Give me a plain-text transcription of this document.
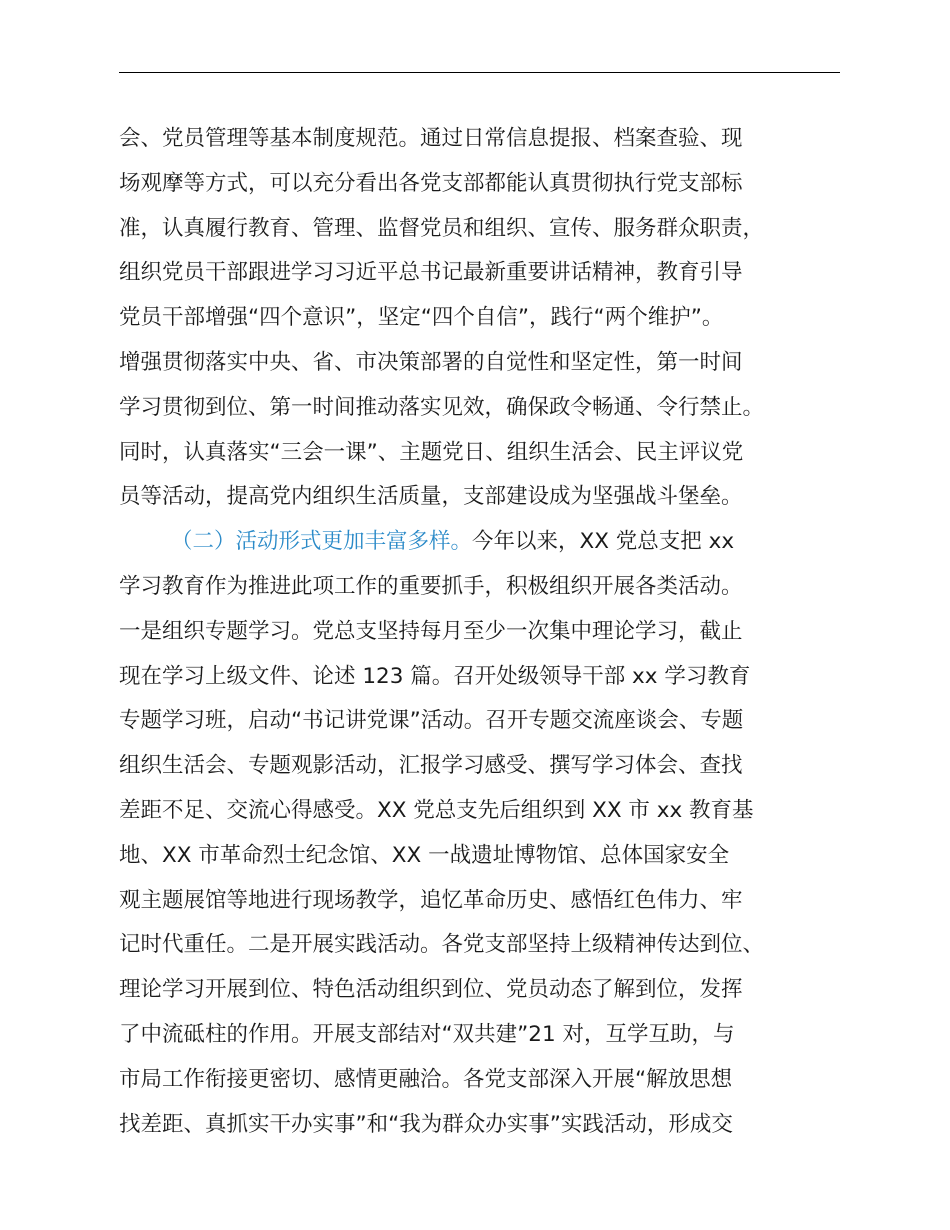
会、党员管理等基本制度规范。通过日常信息提报、档案查验、现
场观摩等方式，可以充分看出各党支部都能认真贯彻执行党支部标
准，认真履行教育、管理、监督党员和组织、宣传、服务群众职责，
组织党员干部跟进学习习近平总书记最新重要讲话精神，教育引导
党员干部增强“四个意识”，坚定“四个自信”，践行“两个维护”。
增强贯彻落实中央、省、市决策部署的自觉性和坚定性，第一时间
学习贯彻到位、第一时间推动落实见效，确保政令畅通、令行禁止。
同时，认真落实“三会一课”、主题党日、组织生活会、民主评议党
员等活动，提高党内组织生活质量，支部建设成为坚强战斗堡垒。
（二）活动形式更加丰富多样。今年以来，XX 党总支把 xx
学习教育作为推进此项工作的重要抓手，积极组织开展各类活动。
一是组织专题学习。党总支坚持每月至少一次集中理论学习，截止
现在学习上级文件、论述 123 篇。召开处级领导干部 xx 学习教育
专题学习班，启动“书记讲党课”活动。召开专题交流座谈会、专题
组织生活会、专题观影活动，汇报学习感受、撰写学习体会、查找
差距不足、交流心得感受。XX 党总支先后组织到 XX 市 xx 教育基
地、XX 市革命烈士纪念馆、XX 一战遗址博物馆、总体国家安全
观主题展馆等地进行现场教学，追忆革命历史、感悟红色伟力、牢
记时代重任。二是开展实践活动。各党支部坚持上级精神传达到位、
理论学习开展到位、特色活动组织到位、党员动态了解到位，发挥
了中流砥柱的作用。开展支部结对“双共建”21 对，互学互助，与
市局工作衔接更密切、感情更融洽。各党支部深入开展“解放思想
找差距、真抓实干办实事”和“我为群众办实事”实践活动，形成交
